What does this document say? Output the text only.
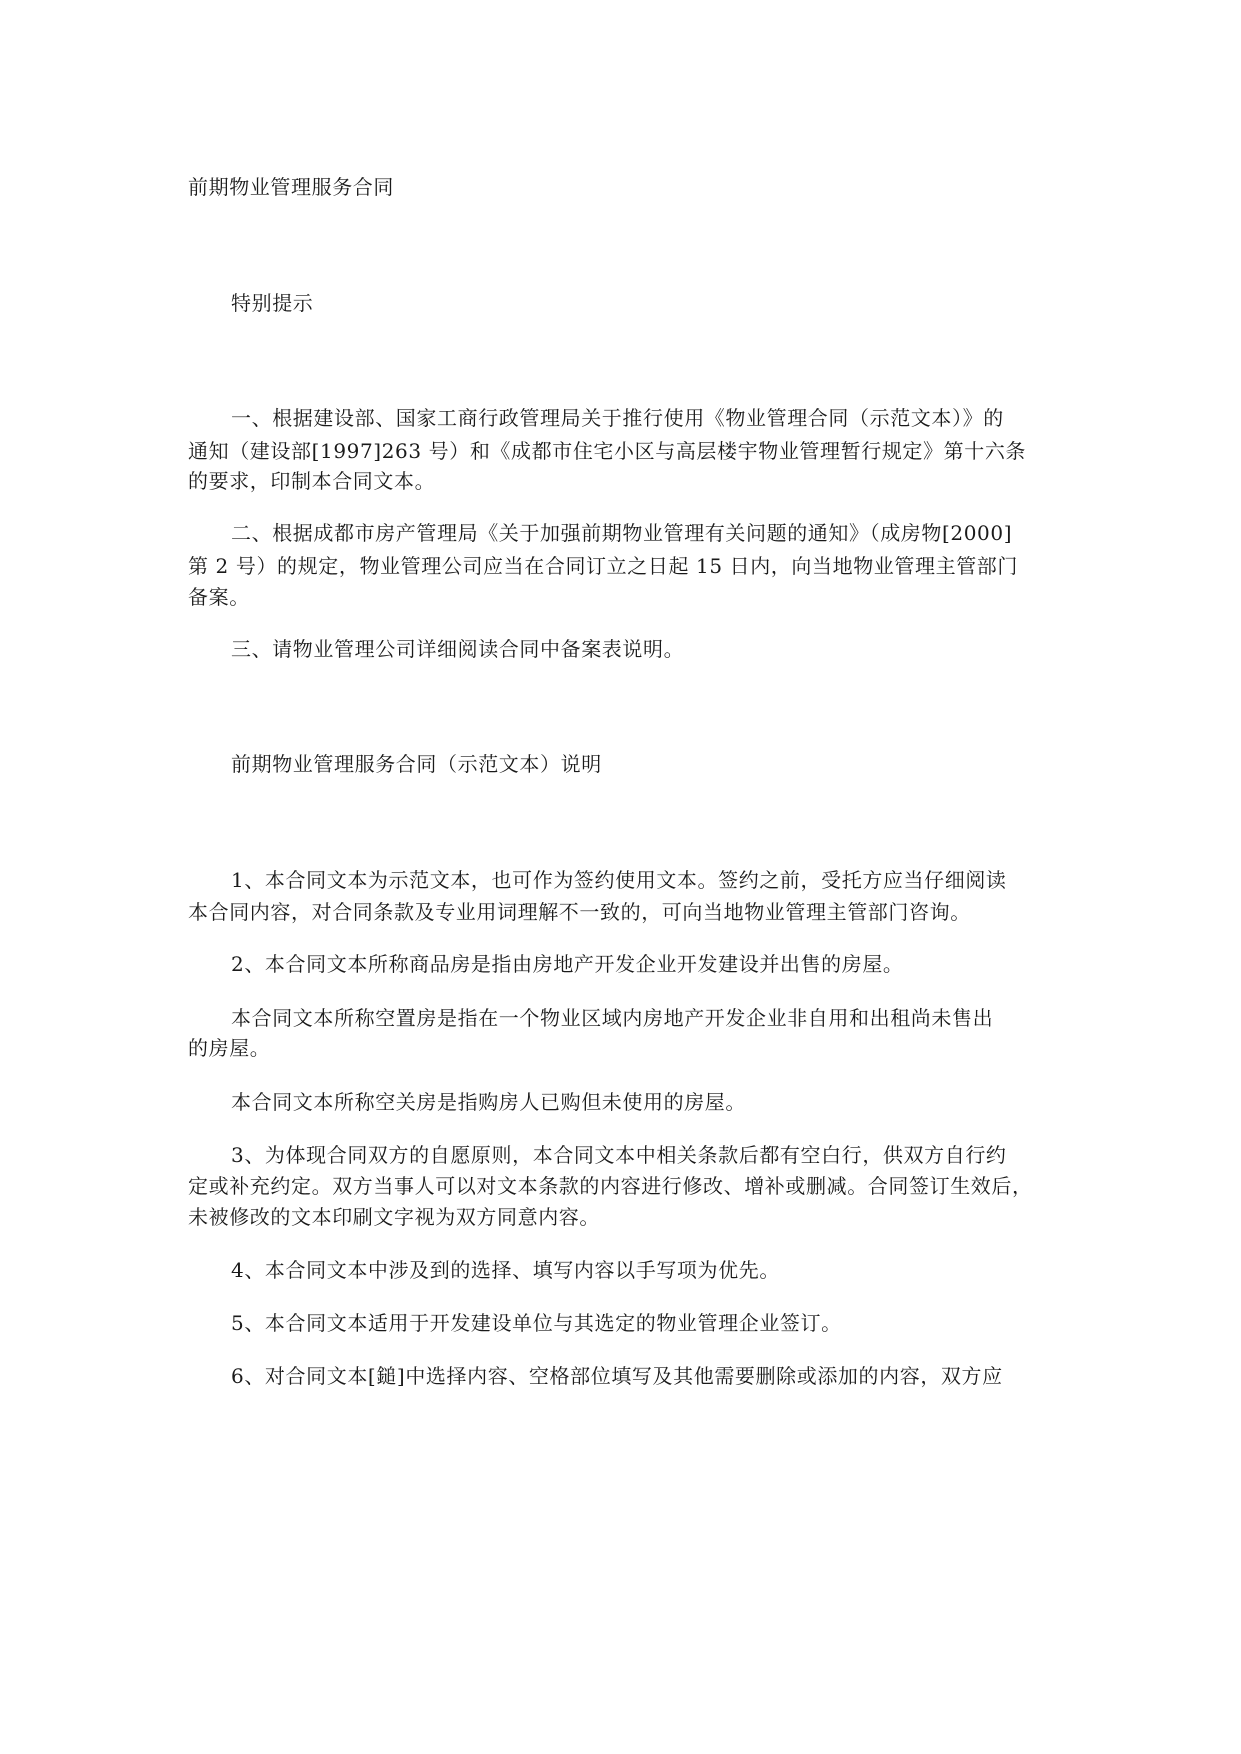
前期物业管理服务合同
特别提示
一、根据建设部、国家工商行政管理局关于推行使用《物业管理合同（示范文本）》的
通知（建设部[1997]263 号）和《成都市住宅小区与高层楼宇物业管理暂行规定》第十六条
的要求，印制本合同文本。
二、根据成都市房产管理局《关于加强前期物业管理有关问题的通知》（成房物[2000]
第 2 号）的规定，物业管理公司应当在合同订立之日起 15 日内，向当地物业管理主管部门
备案。
三、请物业管理公司详细阅读合同中备案表说明。
前期物业管理服务合同（示范文本）说明
1、本合同文本为示范文本，也可作为签约使用文本。签约之前，受托方应当仔细阅读
本合同内容，对合同条款及专业用词理解不一致的，可向当地物业管理主管部门咨询。
2、本合同文本所称商品房是指由房地产开发企业开发建设并出售的房屋。
本合同文本所称空置房是指在一个物业区域内房地产开发企业非自用和出租尚未售出
的房屋。
本合同文本所称空关房是指购房人已购但未使用的房屋。
3、为体现合同双方的自愿原则，本合同文本中相关条款后都有空白行，供双方自行约
定或补充约定。双方当事人可以对文本条款的内容进行修改、增补或删减。合同签订生效后，
未被修改的文本印刷文字视为双方同意内容。
4、本合同文本中涉及到的选择、填写内容以手写项为优先。
5、本合同文本适用于开发建设单位与其选定的物业管理企业签订。
6、对合同文本[鎚]中选择内容、空格部位填写及其他需要删除或添加的内容，双方应
